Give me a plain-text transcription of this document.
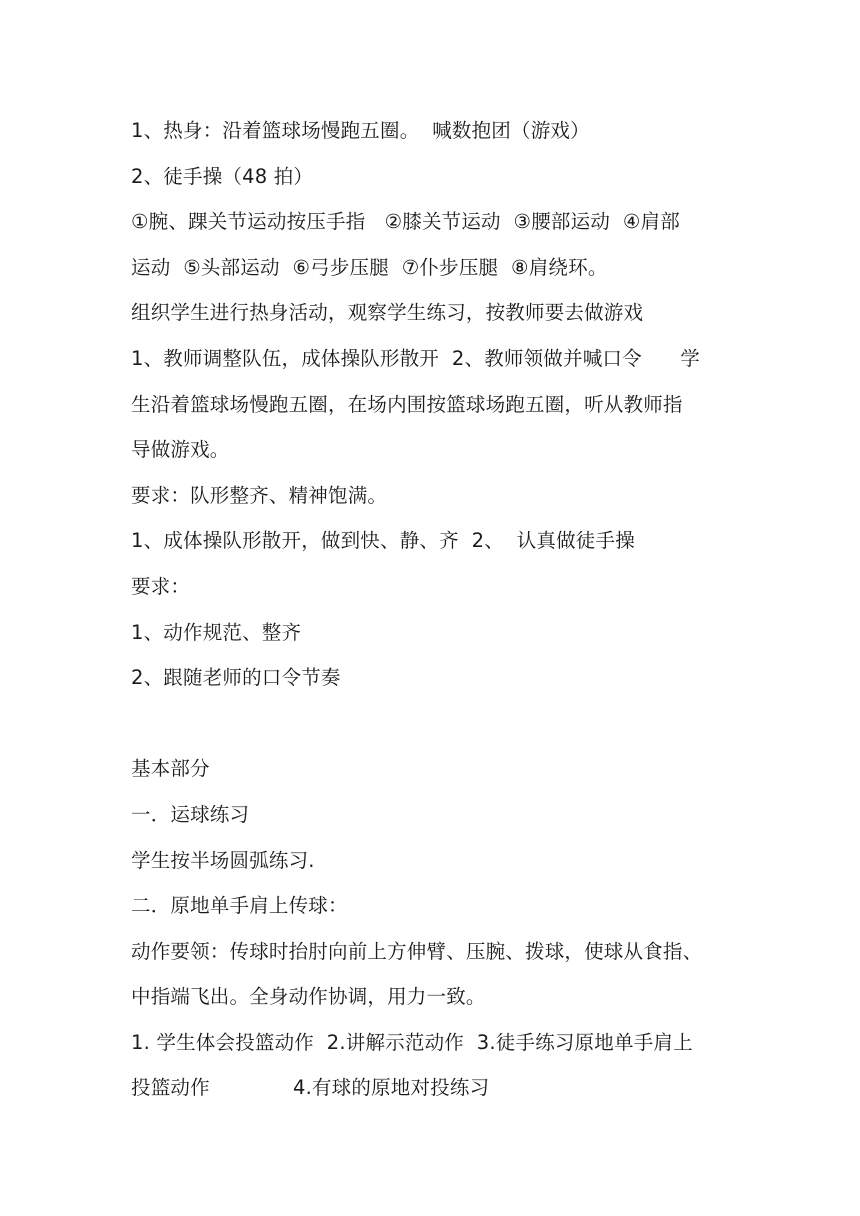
1、热身：沿着篮球场慢跑五圈。  喊数抱团（游戏）
2、徒手操（48 拍）
①腕、踝关节运动按压手指   ②膝关节运动  ③腰部运动  ④肩部
运动  ⑤头部运动  ⑥弓步压腿  ⑦仆步压腿  ⑧肩绕环。
组织学生进行热身活动，观察学生练习，按教师要去做游戏
1、教师调整队伍，成体操队形散开  2、教师领做并喊口令      学
生沿着篮球场慢跑五圈，在场内围按篮球场跑五圈，听从教师指
导做游戏。
要求：队形整齐、精神饱满。
1、成体操队形散开，做到快、静、齐  2、  认真做徒手操
要求：
1、动作规范、整齐
2、跟随老师的口令节奏
基本部分
一．运球练习
学生按半场圆弧练习.
二．原地单手肩上传球：
动作要领：传球时抬肘向前上方伸臂、压腕、拨球，使球从食指、
中指端飞出。全身动作协调，用力一致。
1. 学生体会投篮动作  2.讲解示范动作  3.徒手练习原地单手肩上
投篮动作             4.有球的原地对投练习
